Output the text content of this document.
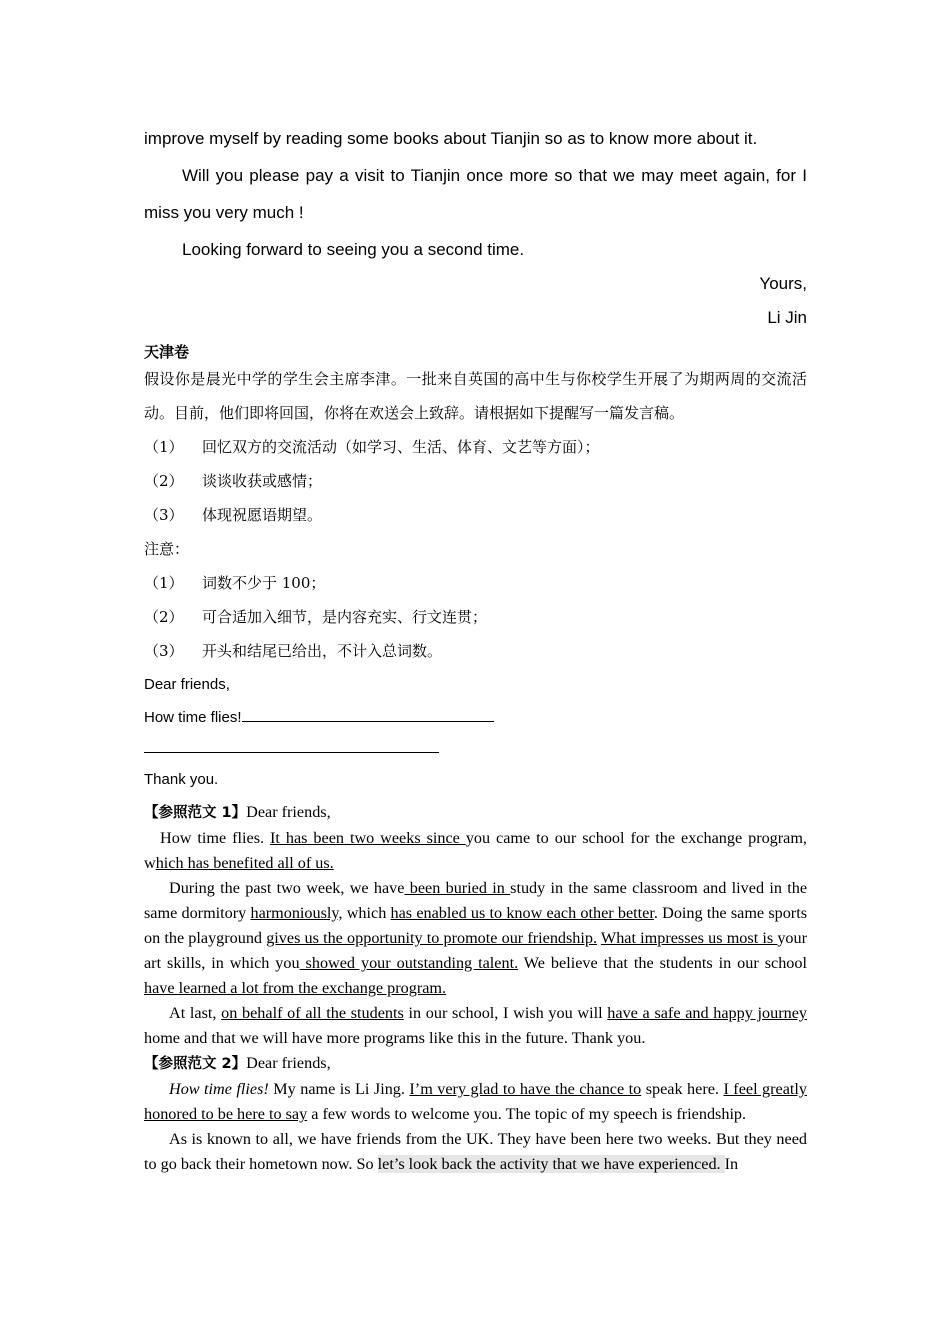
improve myself by reading some books about Tianjin so as to know more about it.

Will you please pay a visit to Tianjin once more so that we may meet again, for I miss you very much !

Looking forward to seeing you a second time.

Yours,

Li Jin

天津卷

假设你是晨光中学的学生会主席李津。一批来自英国的高中生与你校学生开展了为期两周的交流活动。目前，他们即将回国，你将在欢送会上致辞。请根据如下提醒写一篇发言稿。

（1）	回忆双方的交流活动（如学习、生活、体育、文艺等方面）；
（2）	谈谈收获或感情；
（3）	体现祝愿语期望。

注意：

（1）	词数不少于 100；
（2）	可合适加入细节，是内容充实、行文连贯；
（3）	开头和结尾已给出，不计入总词数。

Dear friends,

How time flies!

Thank you.

【参照范文 1】Dear friends,

How time flies. It has been two weeks since you came to our school for the exchange program, which has benefited all of us.

During the past two week, we have been buried in study in the same classroom and lived in the same dormitory harmoniously, which has enabled us to know each other better. Doing the same sports on the playground gives us the opportunity to promote our friendship. What impresses us most is your art skills, in which you showed your outstanding talent. We believe that the students in our school have learned a lot from the exchange program.

At last, on behalf of all the students in our school, I wish you will have a safe and happy journey home and that we will have more programs like this in the future. Thank you.

【参照范文 2】Dear friends,

How time flies! My name is Li Jing. I’m very glad to have the chance to speak here. I feel greatly honored to be here to say a few words to welcome you. The topic of my speech is friendship.

As is known to all, we have friends from the UK. They have been here two weeks. But they need to go back their hometown now. So let’s look back the activity that we have experienced. In
